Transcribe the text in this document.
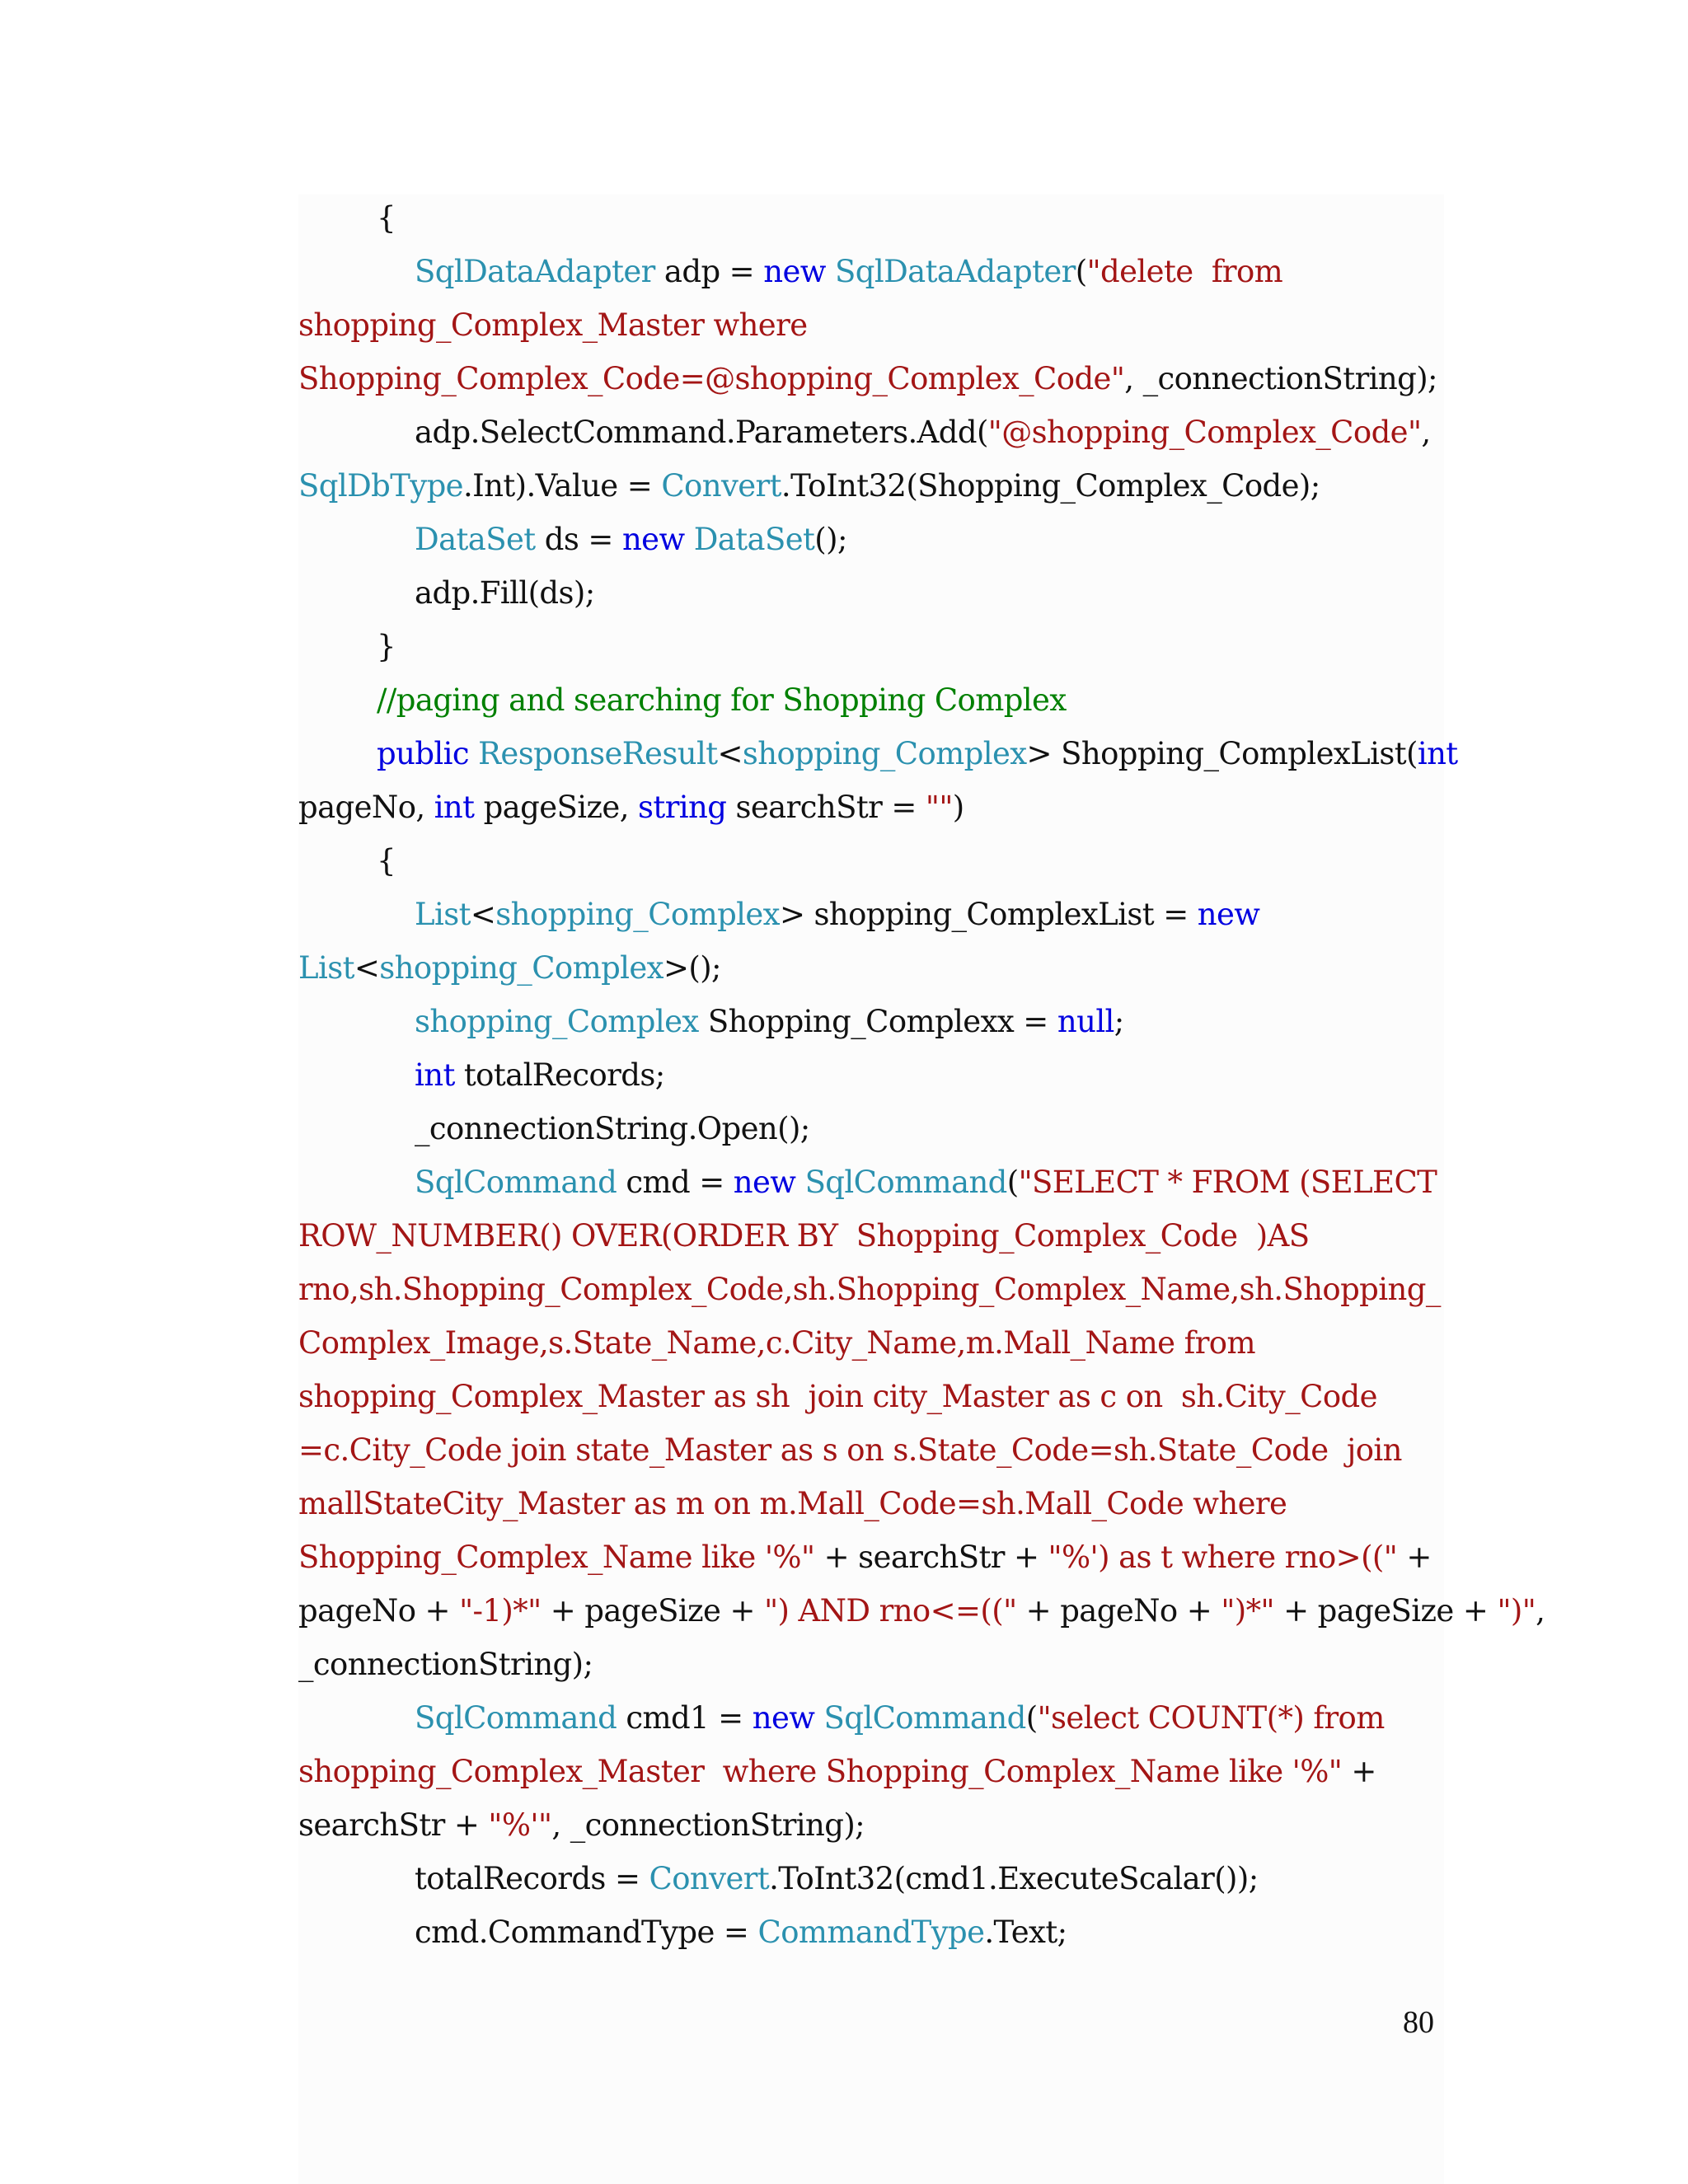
{
SqlDataAdapter adp = new SqlDataAdapter("delete  from
shopping_Complex_Master where
Shopping_Complex_Code=@shopping_Complex_Code", _connectionString);
adp.SelectCommand.Parameters.Add("@shopping_Complex_Code",
SqlDbType.Int).Value = Convert.ToInt32(Shopping_Complex_Code);
DataSet ds = new DataSet();
adp.Fill(ds);
}
//paging and searching for Shopping Complex
public ResponseResult<shopping_Complex> Shopping_ComplexList(int
pageNo, int pageSize, string searchStr = "")
{
List<shopping_Complex> shopping_ComplexList = new
List<shopping_Complex>();
shopping_Complex Shopping_Complexx = null;
int totalRecords;
_connectionString.Open();
SqlCommand cmd = new SqlCommand("SELECT * FROM (SELECT
ROW_NUMBER() OVER(ORDER BY  Shopping_Complex_Code  )AS
rno,sh.Shopping_Complex_Code,sh.Shopping_Complex_Name,sh.Shopping_
Complex_Image,s.State_Name,c.City_Name,m.Mall_Name from
shopping_Complex_Master as sh  join city_Master as c on  sh.City_Code
=c.City_Code join state_Master as s on s.State_Code=sh.State_Code  join
mallStateCity_Master as m on m.Mall_Code=sh.Mall_Code where
Shopping_Complex_Name like '%" + searchStr + "%') as t where rno>((" +
pageNo + "-1)*" + pageSize + ") AND rno<=((" + pageNo + ")*" + pageSize + ")",
_connectionString);
SqlCommand cmd1 = new SqlCommand("select COUNT(*) from
shopping_Complex_Master  where Shopping_Complex_Name like '%" +
searchStr + "%'", _connectionString);
totalRecords = Convert.ToInt32(cmd1.ExecuteScalar());
cmd.CommandType = CommandType.Text;
80
